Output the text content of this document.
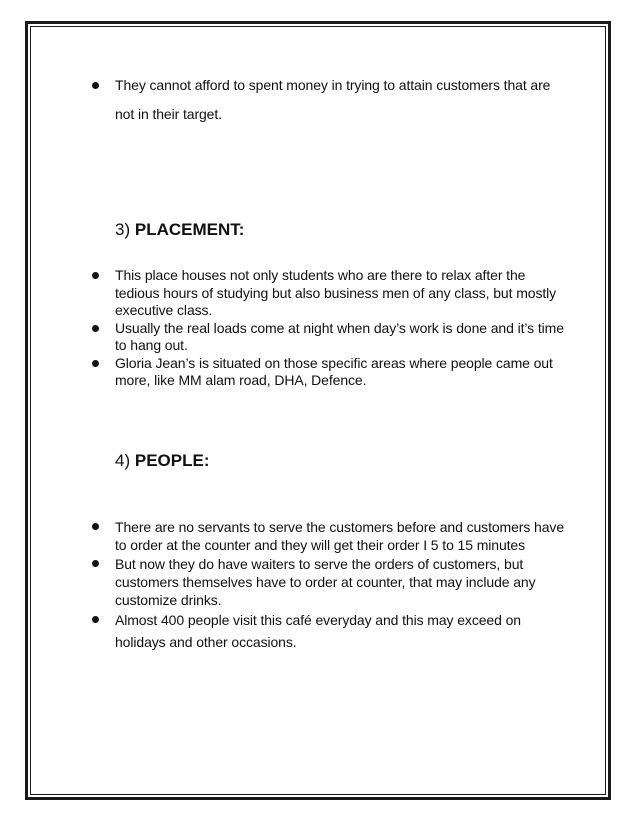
They cannot afford to spent money in trying to attain customers that are not in their target.
3) PLACEMENT:
This place houses not only students who are there to relax after the tedious hours of studying but also business men of any class, but mostly executive class.
Usually the real loads come at night when day’s work is done and it’s time to hang out.
Gloria Jean’s is situated on those specific areas where people came out more, like MM alam road, DHA, Defence.
4) PEOPLE:
There are no servants to serve the customers before and customers have to order at the counter and they will get their order I 5 to 15 minutes
But now they do have waiters to serve the orders of customers, but customers themselves have to order at counter, that may include any customize drinks.
Almost 400 people visit this café everyday and this may exceed on holidays and other occasions.
